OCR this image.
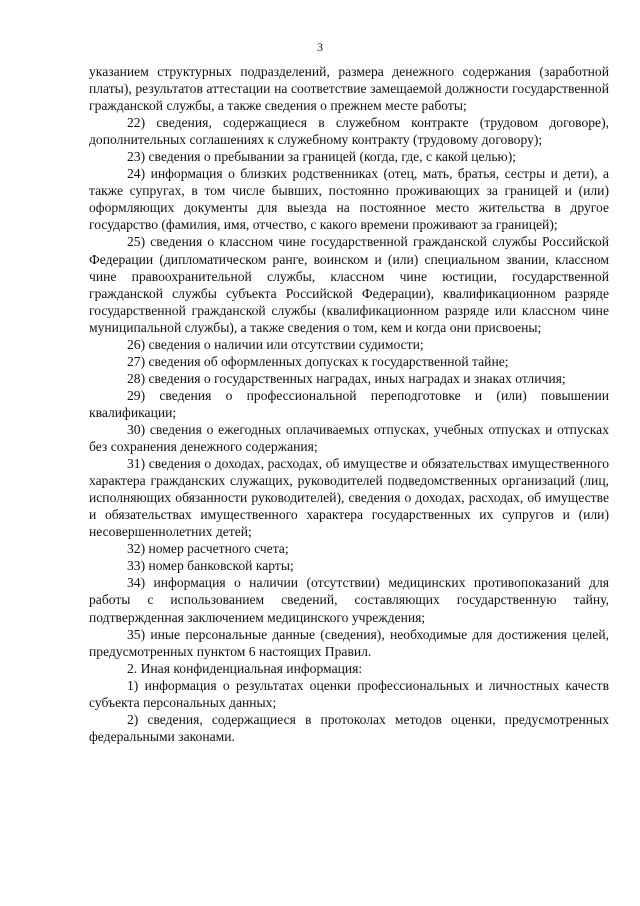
3

указанием структурных подразделений, размера денежного содержания (заработной платы), результатов аттестации на соответствие замещаемой должности государственной гражданской службы, а также сведения о прежнем месте работы;

22) сведения, содержащиеся в служебном контракте (трудовом договоре), дополнительных соглашениях к служебному контракту (трудовому договору);

23) сведения о пребывании за границей (когда, где, с какой целью);

24) информация о близких родственниках (отец, мать, братья, сестры и дети), а также супругах, в том числе бывших, постоянно проживающих за границей и (или) оформляющих документы для выезда на постоянное место жительства в другое государство (фамилия, имя, отчество, с какого времени проживают за границей);

25) сведения о классном чине государственной гражданской службы Российской Федерации (дипломатическом ранге, воинском и (или) специальном звании, классном чине правоохранительной службы, классном чине юстиции, государственной гражданской службы субъекта Российской Федерации), квалификационном разряде государственной гражданской службы (квалификационном разряде или классном чине муниципальной службы), а также сведения о том, кем и когда они присвоены;

26) сведения о наличии или отсутствии судимости;

27) сведения об оформленных допусках к государственной тайне;

28) сведения о государственных наградах, иных наградах и знаках отличия;

29) сведения о профессиональной переподготовке и (или) повышении квалификации;

30) сведения о ежегодных оплачиваемых отпусках, учебных отпусках и отпусках без сохранения денежного содержания;

31) сведения о доходах, расходах, об имуществе и обязательствах имущественного характера гражданских служащих, руководителей подведомственных организаций (лиц, исполняющих обязанности руководителей), сведения о доходах, расходах, об имуществе и обязательствах имущественного характера государственных их супругов и (или) несовершеннолетних детей;

32) номер расчетного счета;

33) номер банковской карты;

34) информация о наличии (отсутствии) медицинских противопоказаний для работы с использованием сведений, составляющих государственную тайну, подтвержденная заключением медицинского учреждения;

35) иные персональные данные (сведения), необходимые для достижения целей, предусмотренных пунктом 6 настоящих Правил.

2. Иная конфиденциальная информация:

1) информация о результатах оценки профессиональных и личностных качеств субъекта персональных данных;

2) сведения, содержащиеся в протоколах методов оценки, предусмотренных федеральными законами.
